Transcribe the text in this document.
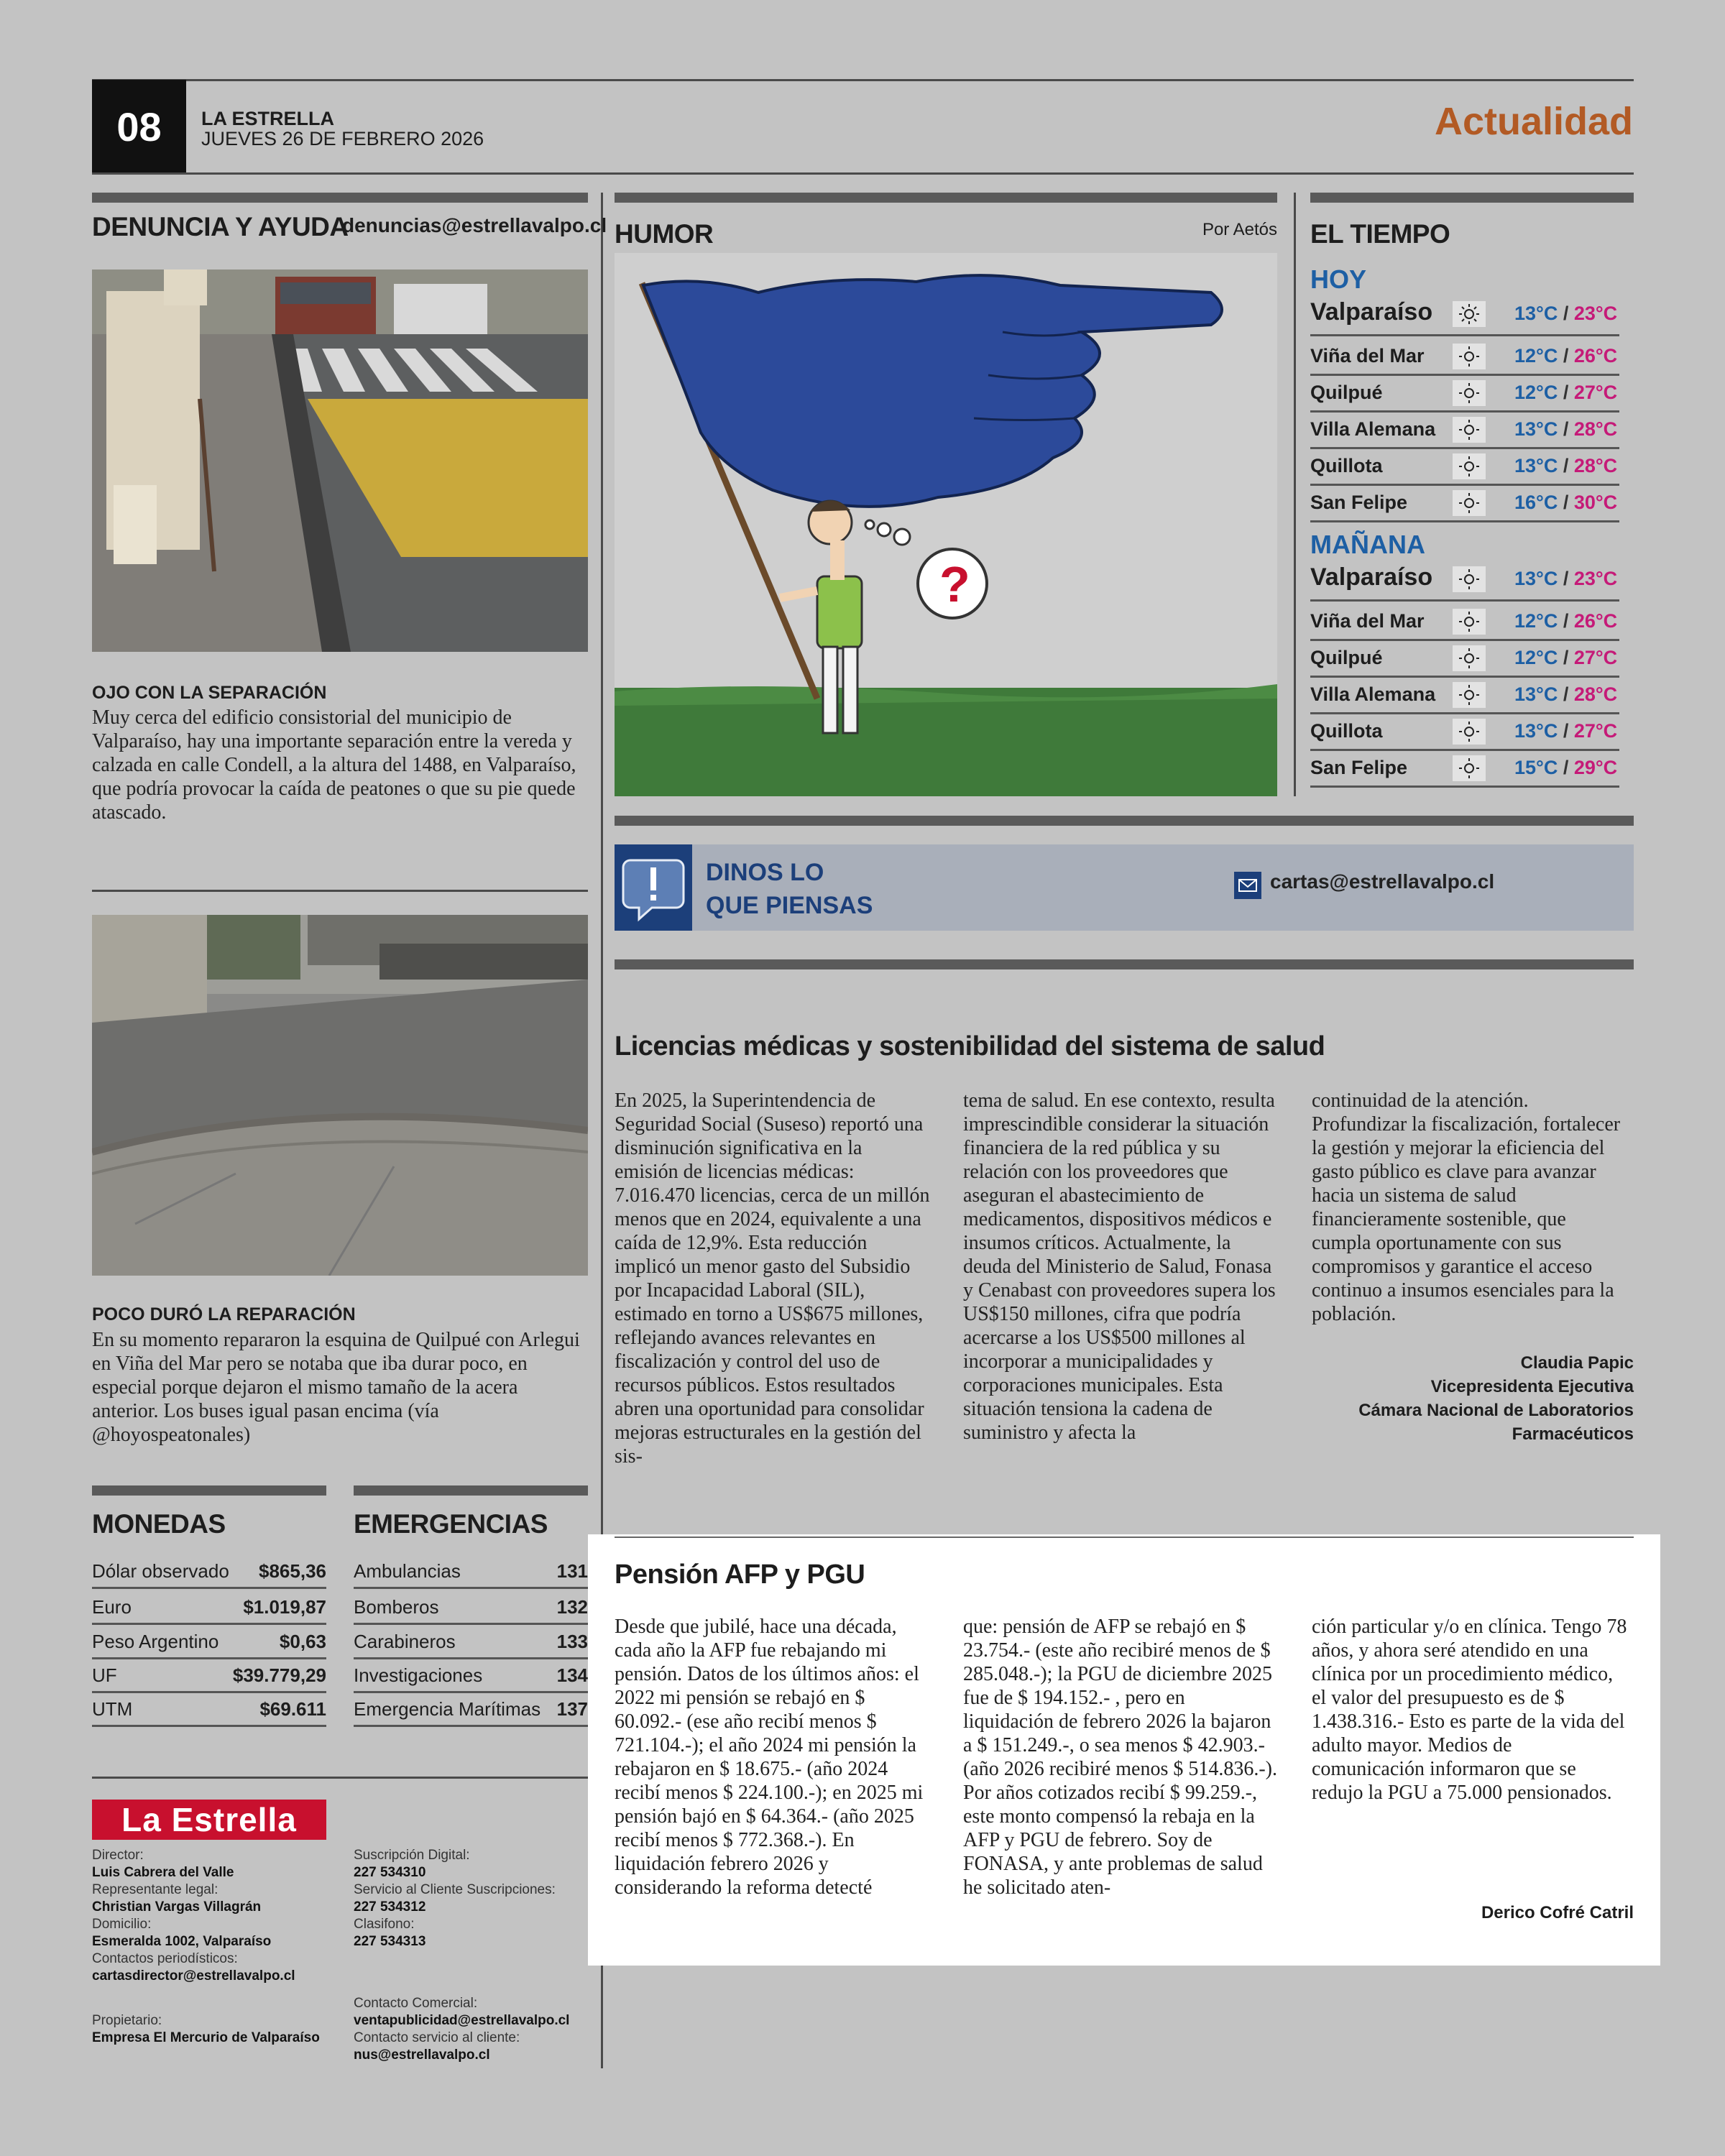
08	LA ESTRELLA
JUEVES 26 DE FEBRERO 2026	Actualidad
DENUNCIA Y AYUDA
denuncias@estrellavalpo.cl
OJO CON LA SEPARACIÓN
Muy cerca del edificio consistorial del municipio de Valparaíso, hay una importante separación entre la vereda y calzada en calle Condell, a la altura del 1488, en Valparaíso, que podría provocar la caída de peatones o que su pie quede atascado.
POCO DURÓ LA REPARACIÓN
En su momento repararon la esquina de Quilpué con Arlegui en Viña del Mar pero se notaba que iba durar poco, en especial porque dejaron el mismo tamaño de la acera anterior. Los buses igual pasan encima (vía @hoyospeatonales)
MONEDAS
Dólar observado $865,36
Euro	$1.019,87
Peso Argentino	$0,63
UF	$39.779,29
UTM	$69.611
EMERGENCIAS
Ambulancias	131
Bomberos	132
Carabineros	133
Investigaciones	134
Emergencia Marítimas 137
La Estrella
Director:
Luis Cabrera del Valle
Representante legal:
Christian Vargas Villagrán
Domicilio:
Esmeralda 1002, Valparaíso
Contactos periodísticos:
cartasdirector@estrellavalpo.cl
Propietario:
Empresa El Mercurio de Valparaíso
Suscripción Digital:
227 534310
Servicio al Cliente Suscripciones:
227 534312
Clasifono:
227 534313
Contacto Comercial:
ventapublicidad@estrellavalpo.cl
Contacto servicio al cliente:
nus@estrellavalpo.cl
HUMOR	Por Aetós
?
EL TIEMPO
HOY
Valparaíso	13°C / 23°C
Viña del Mar	12°C / 26°C
Quilpué	12°C / 27°C
Villa Alemana	13°C / 28°C
Quillota	13°C / 28°C
San Felipe	16°C / 30°C
MAÑANA
Valparaíso	13°C / 23°C
Viña del Mar	12°C / 26°C
Quilpué	12°C / 27°C
Villa Alemana	13°C / 28°C
Quillota	13°C / 27°C
San Felipe	15°C / 29°C
DINOS LO
QUE PIENSAS
cartas@estrellavalpo.cl
Licencias médicas y sostenibilidad del sistema de salud
En 2025, la Superintendencia de Seguridad Social (Suseso) reportó una disminución significativa en la emisión de licencias médicas: 7.016.470 licencias, cerca de un millón menos que en 2024, equivalente a una caída de 12,9%. Esta reducción implicó un menor gasto del Subsidio por Incapacidad Laboral (SIL), estimado en torno a US$675 millones, reflejando avances relevantes en fiscalización y control del uso de recursos públicos. Estos resultados abren una oportunidad para consolidar mejoras estructurales en la gestión del sis-
tema de salud. En ese contexto, resulta imprescindible considerar la situación financiera de la red pública y su relación con los proveedores que aseguran el abastecimiento de medicamentos, dispositivos médicos e insumos críticos. Actualmente, la deuda del Ministerio de Salud, Fonasa y Cenabast con proveedores supera los US$150 millones, cifra que podría acercarse a los US$500 millones al incorporar a municipalidades y corporaciones municipales. Esta situación tensiona la cadena de suministro y afecta la
continuidad de la atención. Profundizar la fiscalización, fortalecer la gestión y mejorar la eficiencia del gasto público es clave para avanzar hacia un sistema de salud financieramente sostenible, que cumpla oportunamente con sus compromisos y garantice el acceso continuo a insumos esenciales para la población.
Claudia Papic
Vicepresidenta Ejecutiva
Cámara Nacional de Laboratorios
Farmacéuticos
Pensión AFP y PGU
Desde que jubilé, hace una década, cada año la AFP fue rebajando mi pensión. Datos de los últimos años: el 2022 mi pensión se rebajó en $ 60.092.- (ese año recibí menos $ 721.104.-); el año 2024 mi pensión la rebajaron en $ 18.675.- (año 2024 recibí menos $ 224.100.-); en 2025 mi pensión bajó en $ 64.364.- (año 2025 recibí menos $ 772.368.-). En liquidación febrero 2026 y considerando la reforma detecté
que: pensión de AFP se rebajó en $ 23.754.- (este año recibiré menos de $ 285.048.-); la PGU de diciembre 2025 fue de $ 194.152.- , pero en liquidación de febrero 2026 la bajaron a $ 151.249.-, o sea menos $ 42.903.- (año 2026 recibiré menos $ 514.836.-). Por años cotizados recibí $ 99.259.-, este monto compensó la rebaja en la AFP y PGU de febrero. Soy de FONASA, y ante problemas de salud he solicitado aten-
ción particular y/o en clínica. Tengo 78 años, y ahora seré atendido en una clínica por un procedimiento médico, el valor del presupuesto es de $ 1.438.316.- Esto es parte de la vida del adulto mayor. Medios de comunicación informaron que se redujo la PGU a 75.000 pensionados.
Derico Cofré Catril
